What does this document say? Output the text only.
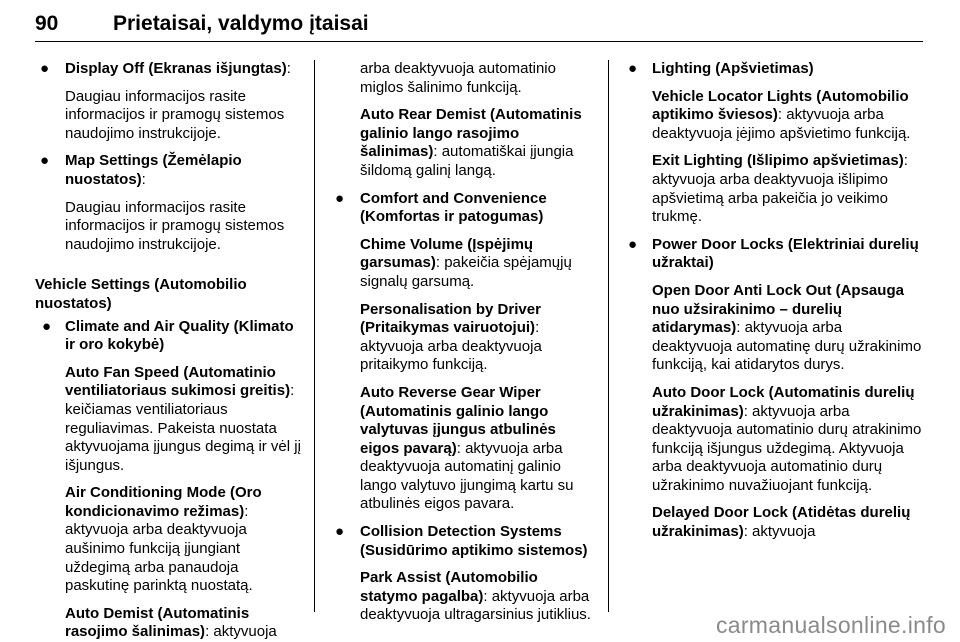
90	Prietaisai, valdymo įtaisai
● Display Off (Ekranas išjungtas):

Daugiau informacijos rasite informacijos ir pramogų sistemos naudojimo instrukcijoje.

● Map Settings (Žemėlapio nuostatos):

Daugiau informacijos rasite informacijos ir pramogų sistemos naudojimo instrukcijoje.

Vehicle Settings (Automobilio nuostatos)

● Climate and Air Quality (Klimato ir oro kokybė)

Auto Fan Speed (Automatinio ventiliatoriaus sukimosi greitis): keičiamas ventiliatoriaus reguliavimas. Pakeista nuostata aktyvuojama įjungus degimą ir vėl jį išjungus.

Air Conditioning Mode (Oro kondicionavimo režimas): aktyvuoja arba deaktyvuoja aušinimo funkciją įjungiant uždegimą arba panaudoja paskutinę parinktą nuostatą.

Auto Demist (Automatinis rasojimo šalinimas): aktyvuoja

arba deaktyvuoja automatinio miglos šalinimo funkciją.

Auto Rear Demist (Automatinis galinio lango rasojimo šalinimas): automatiškai įjungia šildomą galinį langą.

● Comfort and Convenience (Komfortas ir patogumas)

Chime Volume (Įspėjimų garsumas): pakeičia spėjamųjų signalų garsumą.

Personalisation by Driver (Pritaikymas vairuotojui): aktyvuoja arba deaktyvuoja pritaikymo funkciją.

Auto Reverse Gear Wiper (Automatinis galinio lango valytuvas įjungus atbulinės eigos pavarą): aktyvuoja arba deaktyvuoja automatinį galinio lango valytuvo įjungimą kartu su atbulinės eigos pavara.

● Collision Detection Systems (Susidūrimo aptikimo sistemos)

Park Assist (Automobilio statymo pagalba): aktyvuoja arba deaktyvuoja ultragarsinius jutiklius.

● Lighting (Apšvietimas)

Vehicle Locator Lights (Automobilio aptikimo šviesos): aktyvuoja arba deaktyvuoja įėjimo apšvietimo funkciją.

Exit Lighting (Išlipimo apšvietimas): aktyvuoja arba deaktyvuoja išlipimo apšvietimą arba pakeičia jo veikimo trukmę.

● Power Door Locks (Elektriniai durelių užraktai)

Open Door Anti Lock Out (Apsauga nuo užsirakinimo – durelių atidarymas): aktyvuoja arba deaktyvuoja automatinę durų užrakinimo funkciją, kai atidarytos durys.

Auto Door Lock (Automatinis durelių užrakinimas): aktyvuoja arba deaktyvuoja automatinio durų atrakinimo funkciją išjungus uždegimą. Aktyvuoja arba deaktyvuoja automatinio durų užrakinimo nuvažiuojant funkciją.

Delayed Door Lock (Atidėtas durelių užrakinimas): aktyvuoja

carmanualsonline.info
